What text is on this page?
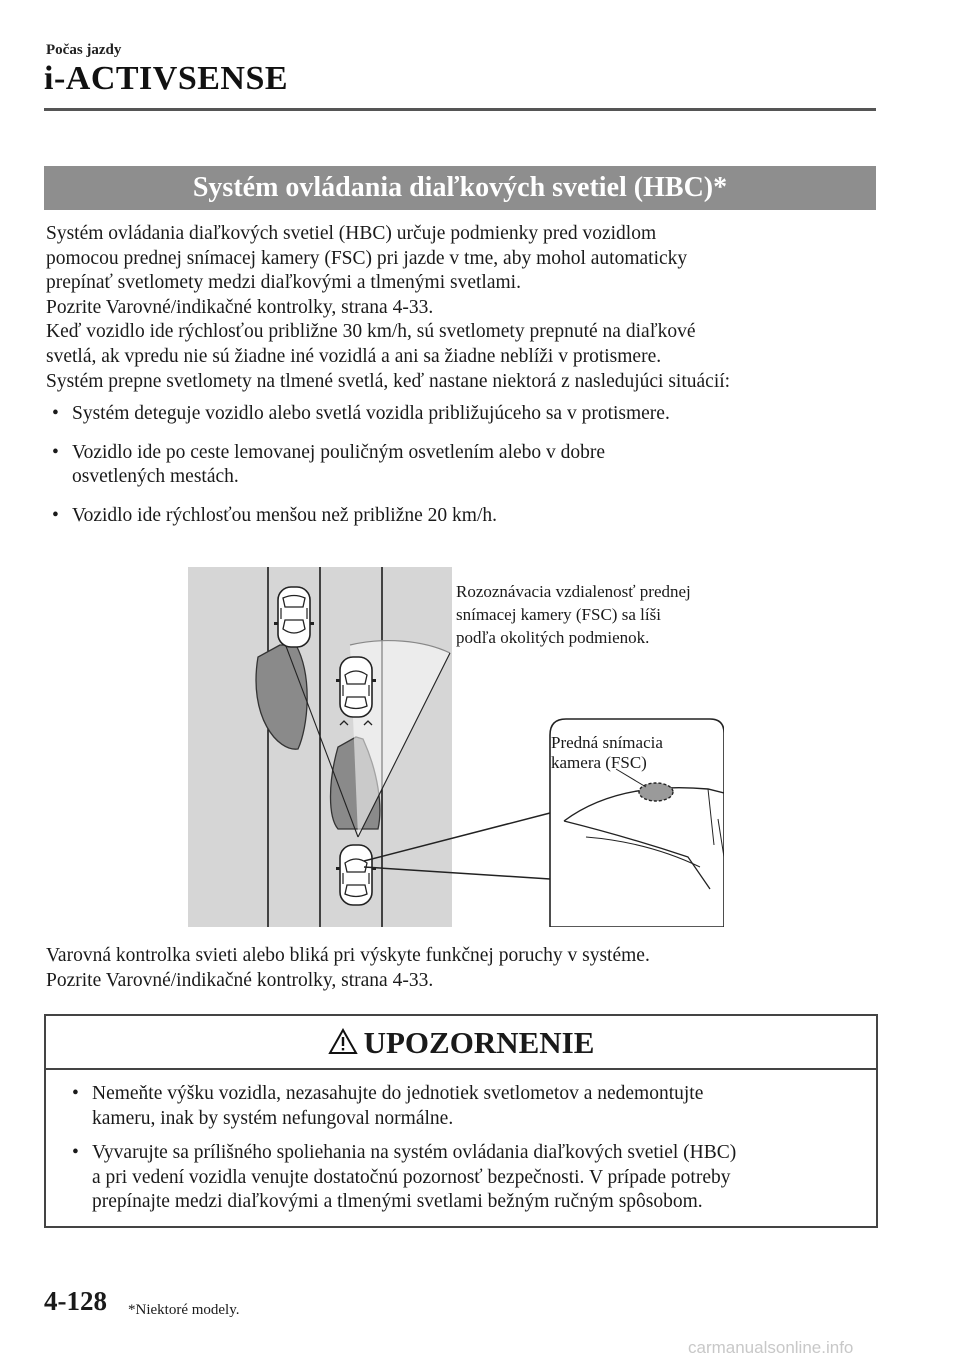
Počas jazdy
i-ACTIVSENSE
Systém ovládania diaľkových svetiel (HBC)*

Systém ovládania diaľkových svetiel (HBC) určuje podmienky pred vozidlom

pomocou prednej snímacej kamery (FSC) pri jazde v tme, aby mohol automaticky

prepínať svetlomety medzi diaľkovými a tlmenými svetlami.

Pozrite Varovné/indikačné kontrolky, strana 4-33.

Keď vozidlo ide rýchlosťou približne 30 km/h, sú svetlomety prepnuté na diaľkové

svetlá, ak vpredu nie sú žiadne iné vozidlá a ani sa žiadne neblíži v protismere.

Systém prepne svetlomety na tlmené svetlá, keď nastane niektorá z nasledujúci situácií:

• Systém deteguje vozidlo alebo svetlá vozidla približujúceho sa v protismere.

• Vozidlo ide po ceste lemovanej pouličným osvetlením alebo v dobre

osvetlených mestách.

• Vozidlo ide rýchlosťou menšou než približne 20 km/h.

Rozoznávacia vzdialenosť prednej
snímacej kamery (FSC) sa líši
podľa okolitých podmienok.
Predná snímacia
kamera (FSC)

Varovná kontrolka svieti alebo bliká pri výskyte funkčnej poruchy v systéme.

Pozrite Varovné/indikačné kontrolky, strana 4-33.

UPOZORNENIE
• Nemeňte výšku vozidla, nezasahujte do jednotiek svetlometov a nedemontujte

kameru, inak by systém nefungoval normálne.

• Vyvarujte sa prílišného spoliehania na systém ovládania diaľkových svetiel (HBC)

a pri vedení vozidla venujte dostatočnú pozornosť bezpečnosti. V prípade potreby

prepínajte medzi diaľkovými a tlmenými svetlami bežným ručným spôsobom.

4-128 *Niektoré modely.
carmanualsonline.info
